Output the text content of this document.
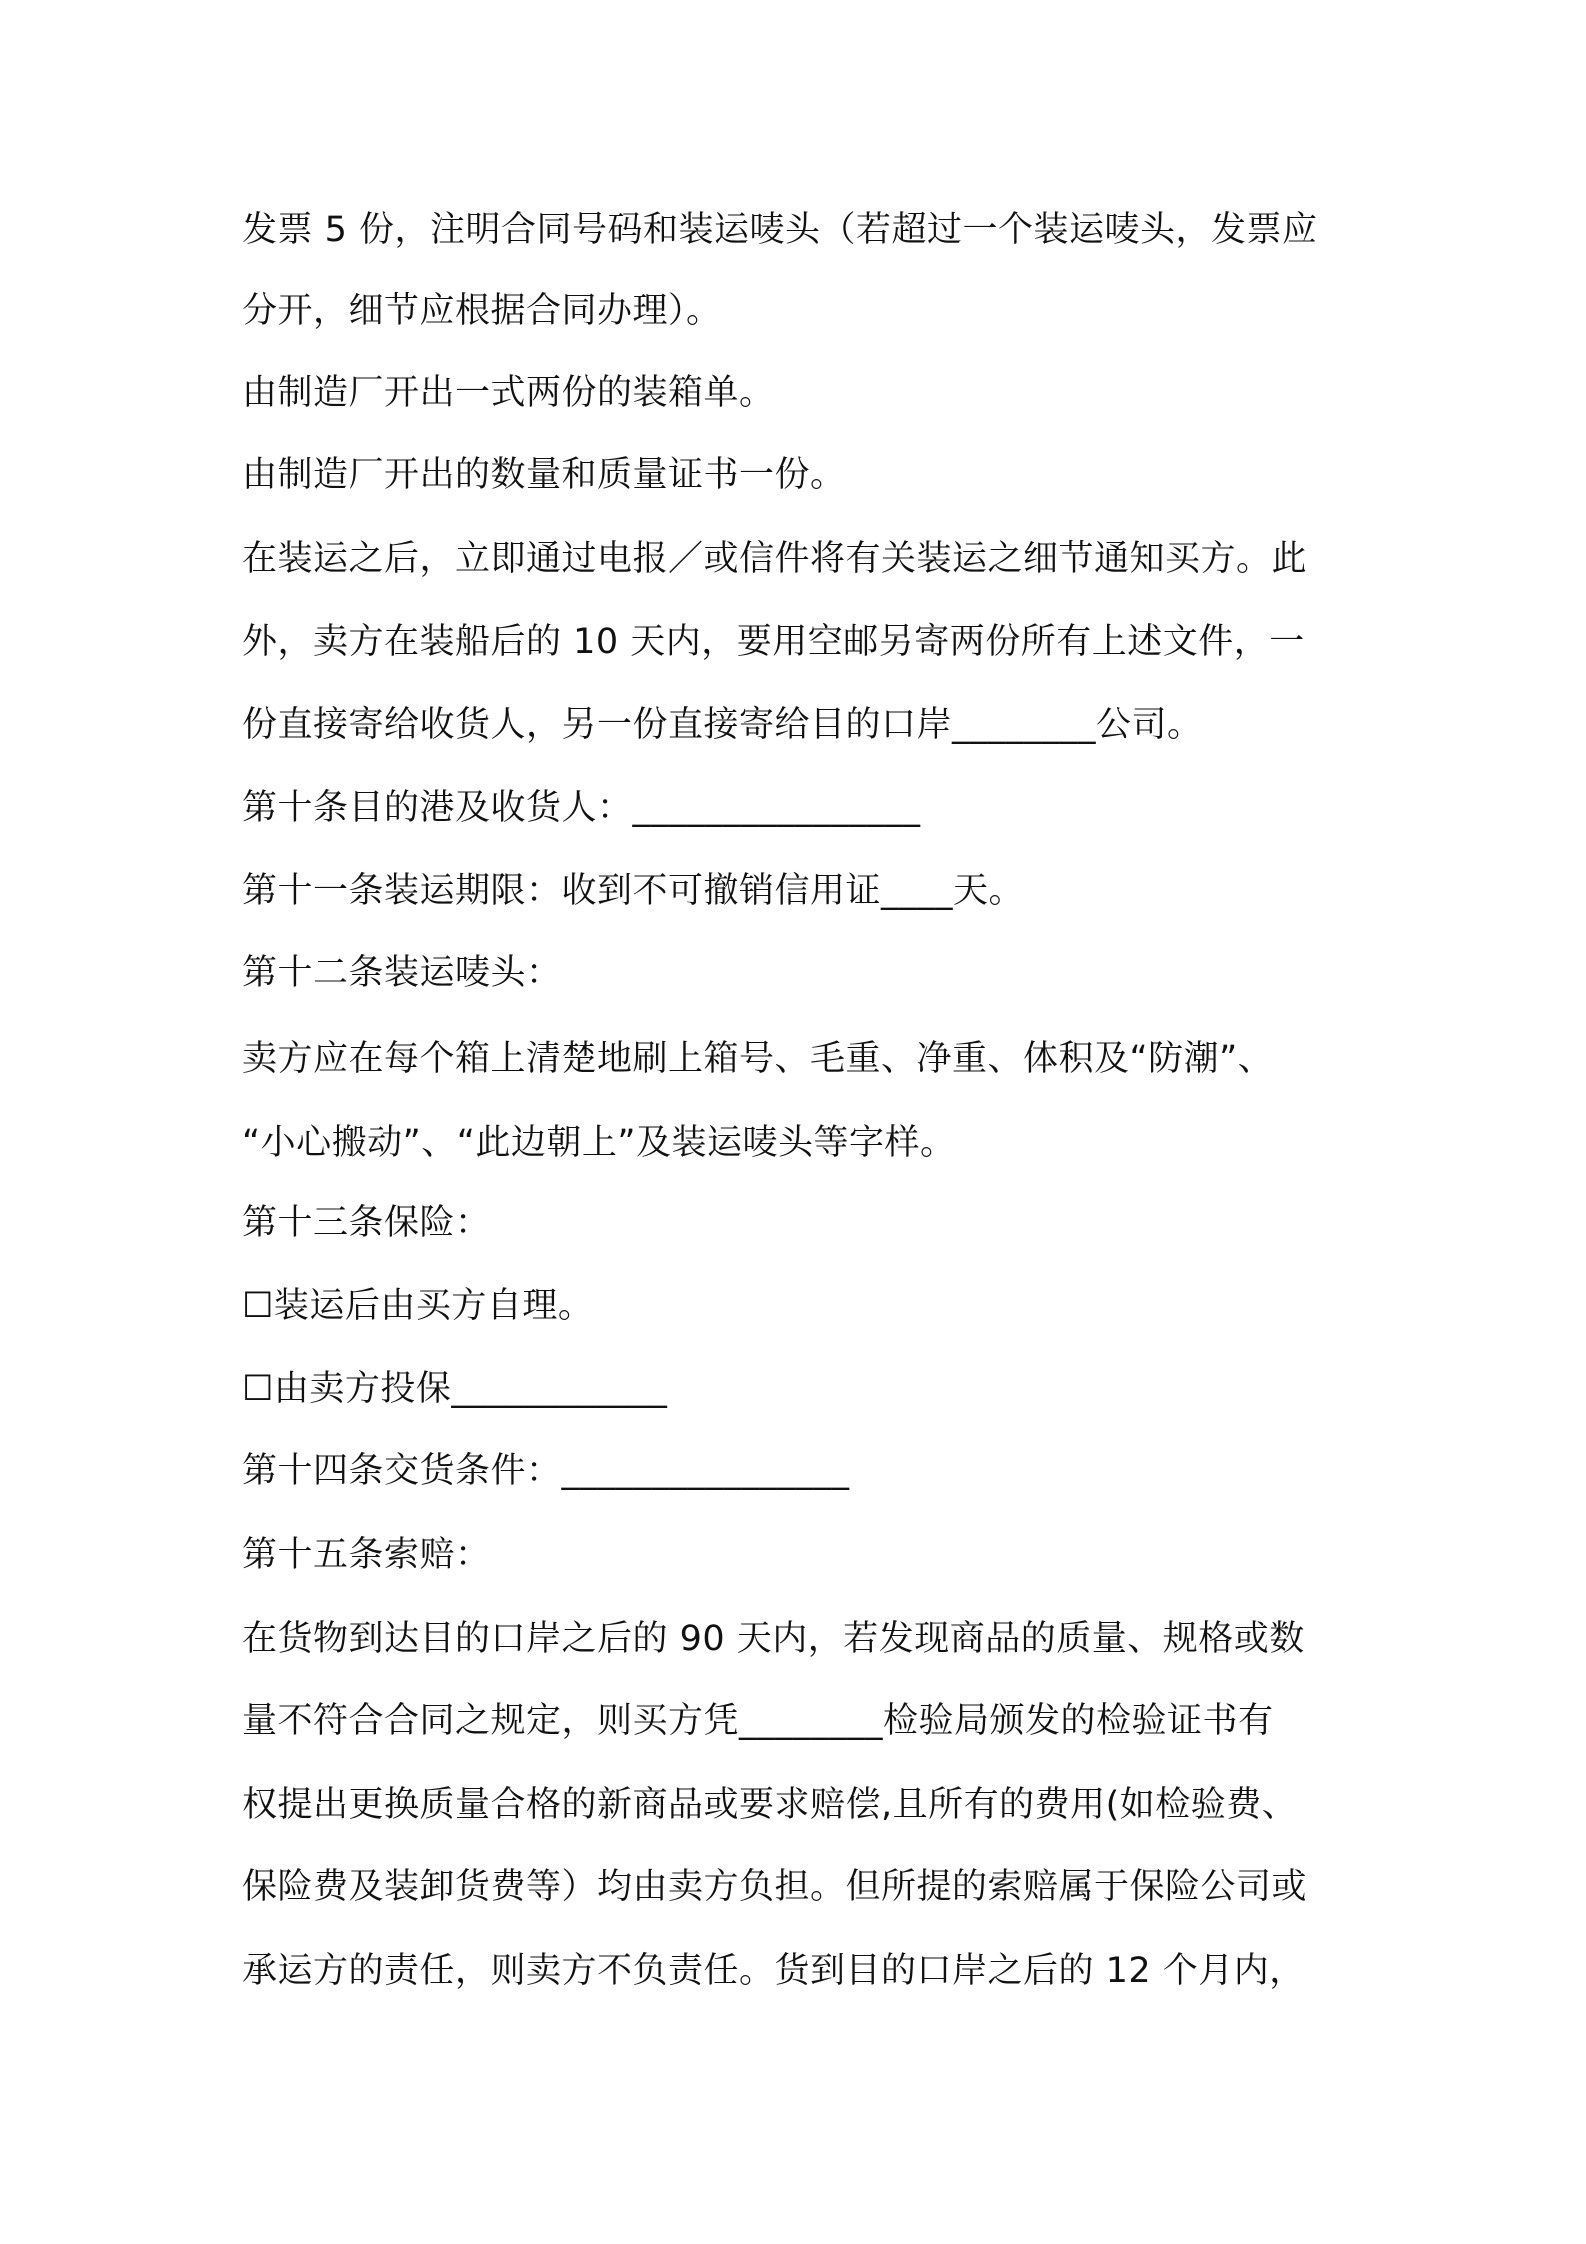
发票 5 份，注明合同号码和装运唛头（若超过一个装运唛头，发票应

分开，细节应根据合同办理）。

由制造厂开出一式两份的装箱单。

由制造厂开出的数量和质量证书一份。

在装运之后，立即通过电报／或信件将有关装运之细节通知买方。此

外，卖方在装船后的 10 天内，要用空邮另寄两份所有上述文件，一

份直接寄给收货人，另一份直接寄给目的口岸________公司。

第十条目的港及收货人：________________

第十一条装运期限：收到不可撤销信用证____天。

第十二条装运唛头：

卖方应在每个箱上清楚地刷上箱号、毛重、净重、体积及“防潮”、

“小心搬动”、“此边朝上”及装运唛头等字样。

第十三条保险：

☐装运后由买方自理。

☐由卖方投保____________

第十四条交货条件：________________

第十五条索赔：

在货物到达目的口岸之后的 90 天内，若发现商品的质量、规格或数

量不符合合同之规定，则买方凭________检验局颁发的检验证书有

权提出更换质量合格的新商品或要求赔偿,且所有的费用(如检验费、

保险费及装卸货费等）均由卖方负担。但所提的索赔属于保险公司或

承运方的责任，则卖方不负责任。货到目的口岸之后的 12 个月内，
